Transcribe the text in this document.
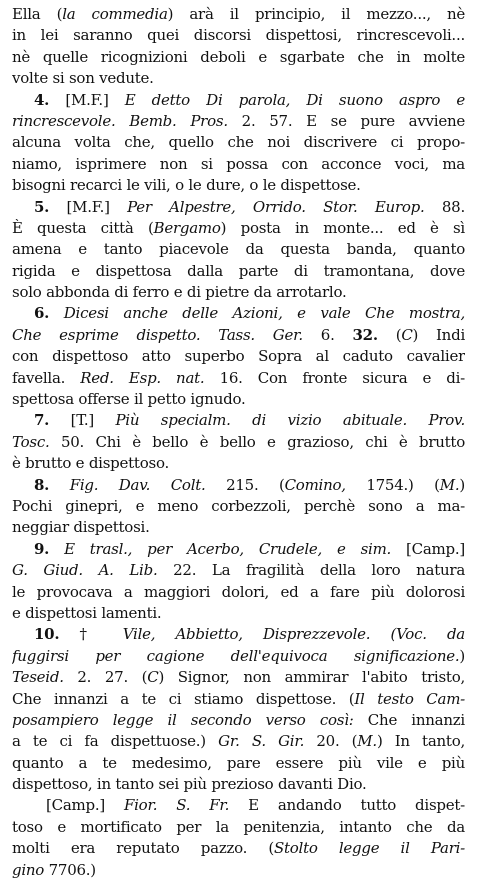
Ella (la commedia) arà il principio, il mezzo..., nè
in lei saranno quei discorsi dispettosi, rincrescevoli...
nè quelle ricognizioni deboli e sgarbate che in molte
volte si son vedute.
4. [M.F.] E detto Di parola, Di suono aspro e
rincrescevole. Bemb. Pros. 2. 57. E se pure avviene
alcuna volta che, quello che noi discrivere ci propo-
niamo, isprimere non si possa con acconce voci, ma
bisogni recarci le vili, o le dure, o le dispettose.
5. [M.F.] Per Alpestre, Orrido. Stor. Europ. 88.
È questa città (Bergamo) posta in monte... ed è sì
amena e tanto piacevole da questa banda, quanto
rigida e dispettosa dalla parte di tramontana, dove
solo abbonda di ferro e di pietre da arrotarlo.
6. Dicesi anche delle Azioni, e vale Che mostra,
Che esprime dispetto. Tass. Ger. 6. 32. (C) Indi
con dispettoso atto superbo Sopra al caduto cavalier
favella. Red. Esp. nat. 16. Con fronte sicura e di-
spettosa offerse il petto ignudo.
7. [T.] Più specialm. di vizio abituale. Prov.
Tosc. 50. Chi è bello è bello e grazioso, chi è brutto
è brutto e dispettoso.
8. Fig. Dav. Colt. 215. (Comino, 1754.) (M.)
Pochi ginepri, e meno corbezzoli, perchè sono a ma-
neggiar dispettosi.
9. E trasl., per Acerbo, Crudele, e sim. [Camp.]
G. Giud. A. Lib. 22. La fragilità della loro natura
le provocava a maggiori dolori, ed a fare più dolorosi
e dispettosi lamenti.
10. † Vile, Abbietto, Disprezzevole. (Voc. da
fuggirsi per cagione dell'equivoca significazione.)
Teseid. 2. 27. (C) Signor, non ammirar l'abito tristo,
Che innanzi a te ci stiamo dispettose. (Il testo Cam-
posampiero legge il secondo verso così: Che innanzi
a te ci fa dispettuose.) Gr. S. Gir. 20. (M.) In tanto,
quanto a te medesimo, pare essere più vile e più
dispettoso, in tanto sei più prezioso davanti Dio.
[Camp.] Fior. S. Fr. E andando tutto dispet-
toso e mortificato per la penitenzia, intanto che da
molti era reputato pazzo. (Stolto legge il Pari-
gino 7706.)
